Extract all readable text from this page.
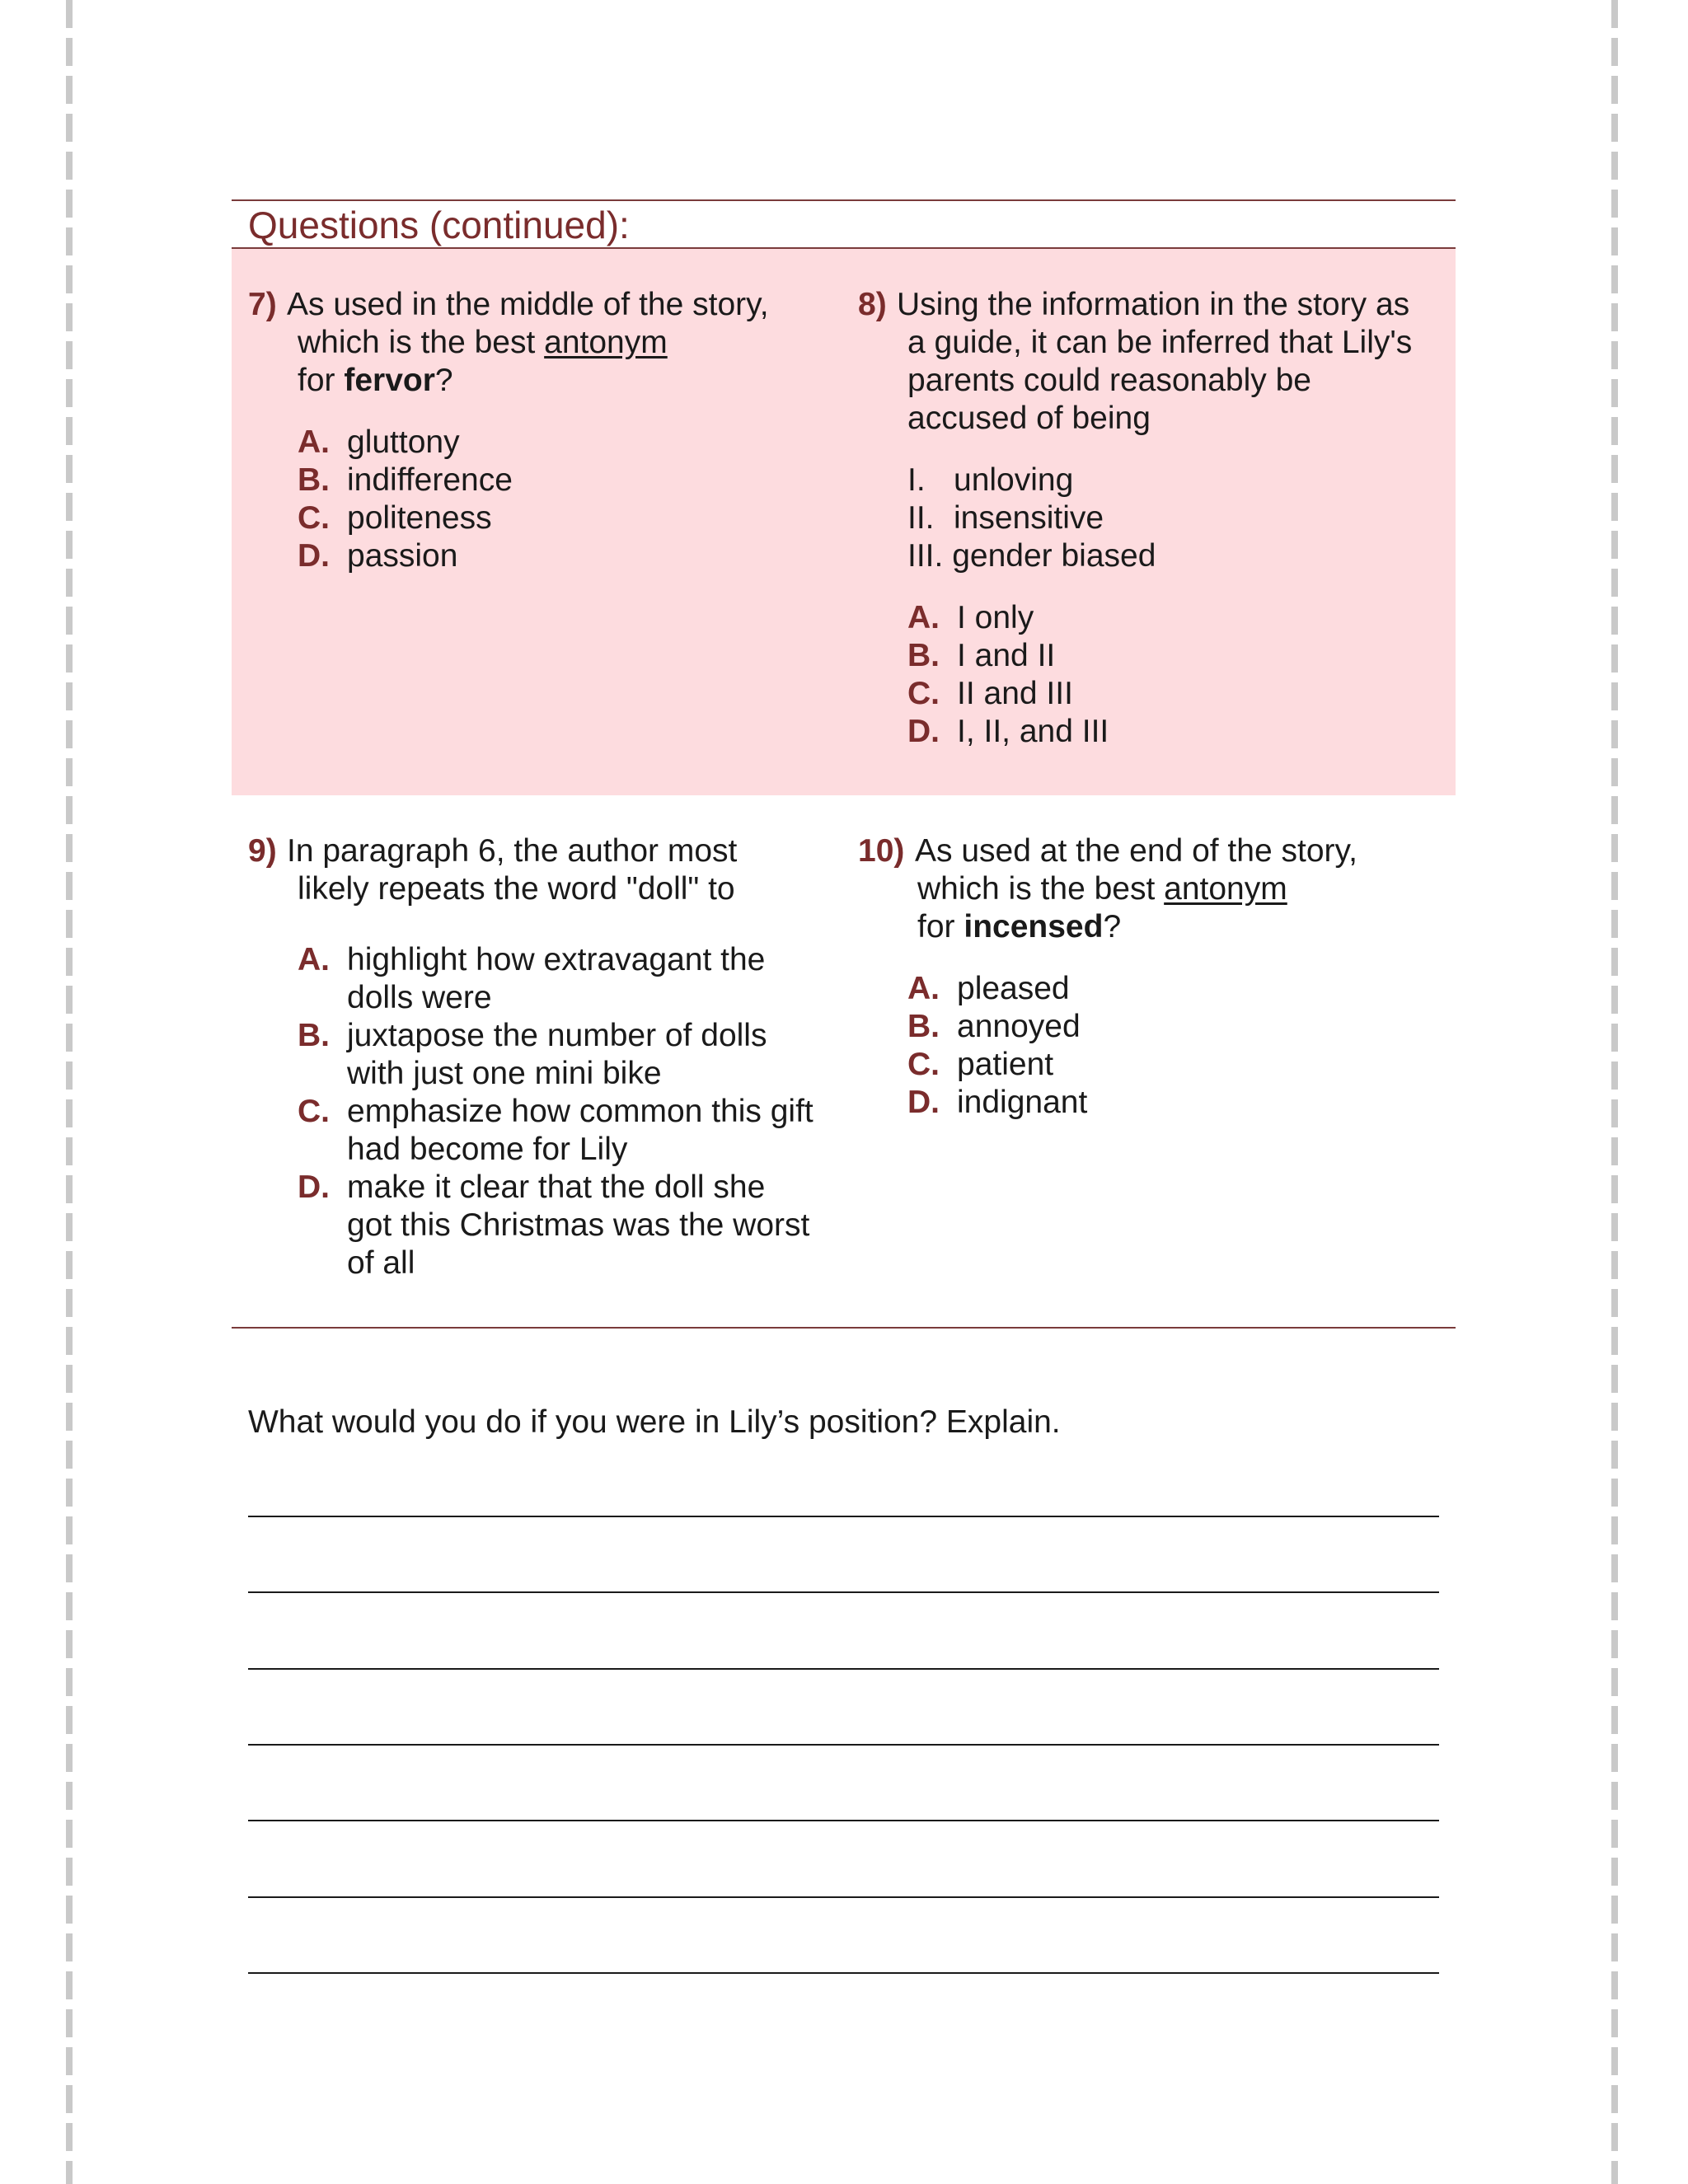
Questions (continued):
7) As used in the middle of the story,
which is the best antonym
for fervor?
A. gluttony
B. indifference
C. politeness
D. passion
8) Using the information in the story as
a guide, it can be inferred that Lily's
parents could reasonably be
accused of being
I. unloving
II. insensitive
III. gender biased
A. I only
B. I and II
C. II and III
D. I, II, and III
9) In paragraph 6, the author most
likely repeats the word "doll" to
A. highlight how extravagant the
dolls were
B. juxtapose the number of dolls
with just one mini bike
C. emphasize how common this gift
had become for Lily
D. make it clear that the doll she
got this Christmas was the worst
of all
10) As used at the end of the story,
which is the best antonym
for incensed?
A. pleased
B. annoyed
C. patient
D. indignant

What would you do if you were in Lily’s position? Explain.
